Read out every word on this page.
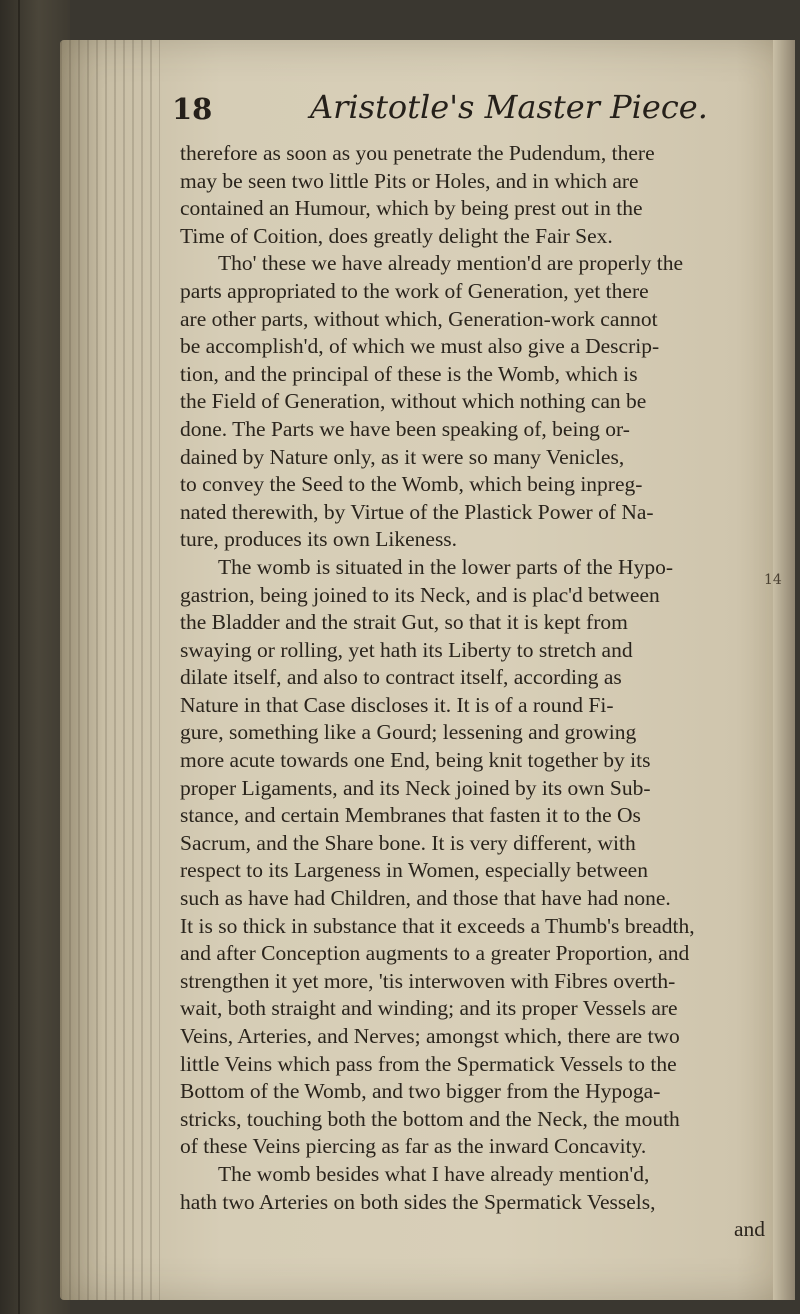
18	Aristotle's Master Piece.
14
therefore as soon as you penetrate the Pudendum, there
may be seen two little Pits or Holes, and in which are
contained an Humour, which by being prest out in the
Time of Coition, does greatly delight the Fair Sex.
Tho' these we have already mention'd are properly the
parts appropriated to the work of Generation, yet there
are other parts, without which, Generation-work cannot
be accomplish'd, of which we must also give a Descrip-
tion, and the principal of these is the Womb, which is
the Field of Generation, without which nothing can be
done. The Parts we have been speaking of, being or-
dained by Nature only, as it were so many Venicles,
to convey the Seed to the Womb, which being inpreg-
nated therewith, by Virtue of the Plastick Power of Na-
ture, produces its own Likeness.
The womb is situated in the lower parts of the Hypo-
gastrion, being joined to its Neck, and is plac'd between
the Bladder and the strait Gut, so that it is kept from
swaying or rolling, yet hath its Liberty to stretch and
dilate itself, and also to contract itself, according as
Nature in that Case discloses it. It is of a round Fi-
gure, something like a Gourd; lessening and growing
more acute towards one End, being knit together by its
proper Ligaments, and its Neck joined by its own Sub-
stance, and certain Membranes that fasten it to the Os
Sacrum, and the Share bone. It is very different, with
respect to its Largeness in Women, especially between
such as have had Children, and those that have had none.
It is so thick in substance that it exceeds a Thumb's breadth,
and after Conception augments to a greater Proportion, and
strengthen it yet more, 'tis interwoven with Fibres overth-
wait, both straight and winding; and its proper Vessels are
Veins, Arteries, and Nerves; amongst which, there are two
little Veins which pass from the Spermatick Vessels to the
Bottom of the Womb, and two bigger from the Hypoga-
stricks, touching both the bottom and the Neck, the mouth
of these Veins piercing as far as the inward Concavity.
The womb besides what I have already mention'd,
hath two Arteries on both sides the Spermatick Vessels,
and
